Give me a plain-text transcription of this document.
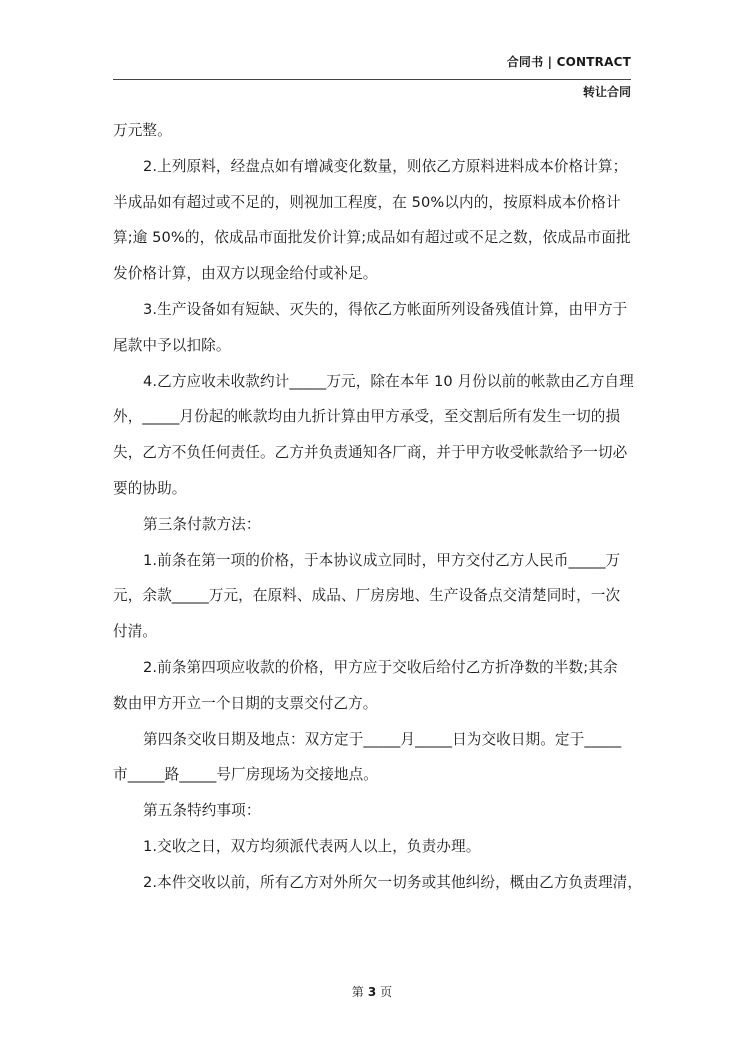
合同书 | CONTRACT
转让合同

万元整。

2.上列原料，经盘点如有增减变化数量，则依乙方原料进料成本价格计算；

半成品如有超过或不足的，则视加工程度，在 50%以内的，按原料成本价格计

算;逾 50%的，依成品市面批发价计算;成品如有超过或不足之数，依成品市面批

发价格计算，由双方以现金给付或补足。

3.生产设备如有短缺、灭失的，得依乙方帐面所列设备残值计算，由甲方于

尾款中予以扣除。

4.乙方应收未收款约计_____万元，除在本年 10 月份以前的帐款由乙方自理

外，_____月份起的帐款均由九折计算由甲方承受，至交割后所有发生一切的损

失，乙方不负任何责任。乙方并负责通知各厂商，并于甲方收受帐款给予一切必

要的协助。

第三条付款方法：

1.前条在第一项的价格，于本协议成立同时，甲方交付乙方人民币_____万

元，余款_____万元，在原料、成品、厂房房地、生产设备点交清楚同时，一次

付清。

2.前条第四项应收款的价格，甲方应于交收后给付乙方折净数的半数;其余

数由甲方开立一个日期的支票交付乙方。

第四条交收日期及地点：双方定于_____月_____日为交收日期。定于_____

市_____路_____号厂房现场为交接地点。

第五条特约事项：

1.交收之日，双方均须派代表两人以上，负责办理。

2.本件交收以前，所有乙方对外所欠一切务或其他纠纷，概由乙方负责理清，

第 3 页
